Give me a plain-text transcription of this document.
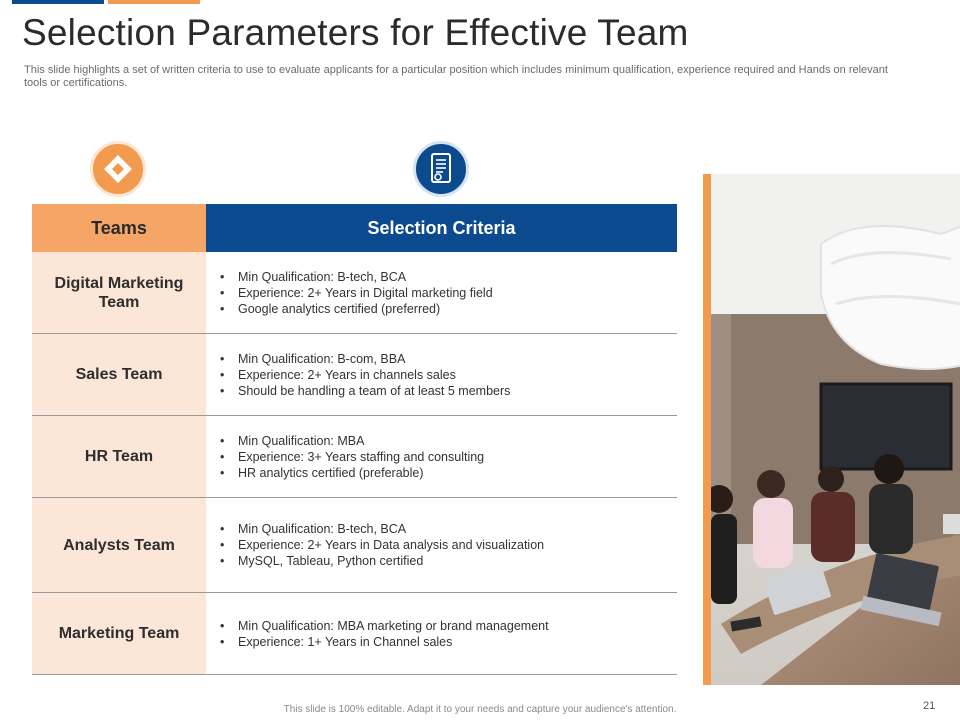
Selection Parameters for Effective Team

This slide highlights a set of written criteria to use to evaluate applicants for a particular position which includes minimum qualification, experience required and Hands on relevant tools or certifications.

Teams	Selection Criteria
Digital Marketing Team
• Min Qualification: B-tech, BCA
• Experience: 2+ Years in Digital marketing field
• Google analytics certified (preferred)
Sales Team
• Min Qualification: B-com, BBA
• Experience: 2+ Years in channels sales
• Should be handling a team of at least 5 members
HR Team
• Min Qualification: MBA
• Experience: 3+ Years staffing and consulting
• HR analytics certified (preferable)
Analysts Team
• Min Qualification: B-tech, BCA
• Experience: 2+ Years in Data analysis and visualization
• MySQL, Tableau, Python certified
Marketing Team
•	Min Qualification: MBA marketing or brand management
• Experience: 1+ Years in Channel sales
This slide is 100% editable. Adapt it to your needs and capture your audience's attention.	21
